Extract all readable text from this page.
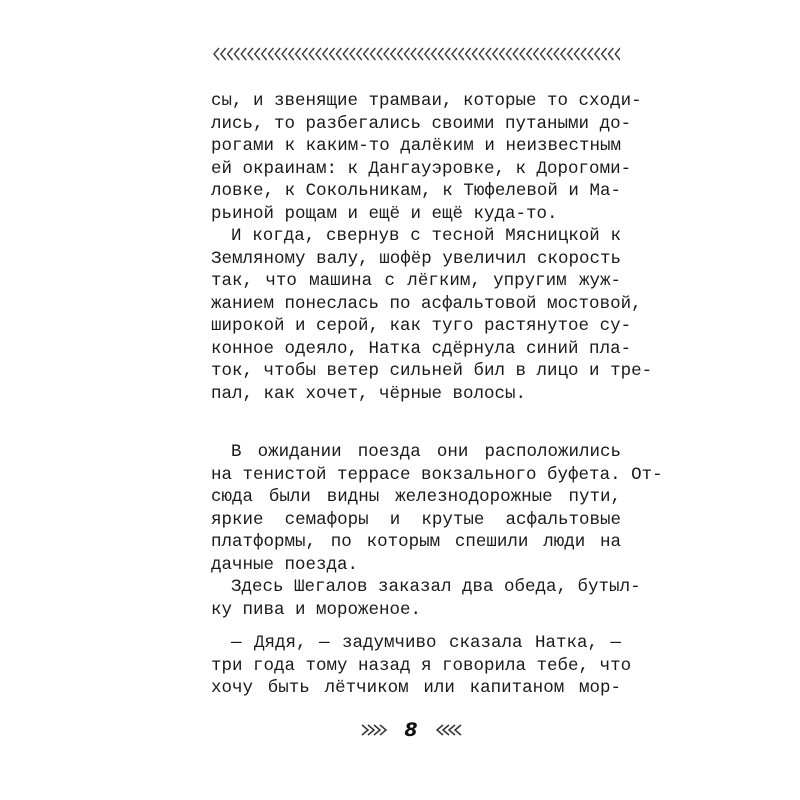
сы, и звенящие трамваи, которые то сходи-
лись, то разбегались своими путаными до-
рогами к каким-то далёким и неизвестным
ей окраинам: к Дангауэровке, к Дорогоми-
ловке, к Сокольникам, к Тюфелевой и Ма-
рьиной рощам и ещё и ещё куда-то.
И когда, свернув с тесной Мясницкой к
Земляному валу, шофёр увеличил скорость
так, что машина с лёгким, упругим жуж-
жанием понеслась по асфальтовой мостовой,
широкой и серой, как туго растянутое су-
конное одеяло, Натка сдёрнула синий пла-
ток, чтобы ветер сильней бил в лицо и тре-
пал, как хочет, чёрные волосы.
В ожидании поезда они расположились
на тенистой террасе вокзального буфета. От-
сюда были видны железнодорожные пути,
яркие семафоры и крутые асфальтовые
платформы, по которым спешили люди на
дачные поезда.
Здесь Шегалов заказал два обеда, бутыл-
ку пива и мороженое.
— Дядя, — задумчиво сказала Натка, —
три года тому назад я говорила тебе, что
хочу быть лётчиком или капитаном мор-
8
